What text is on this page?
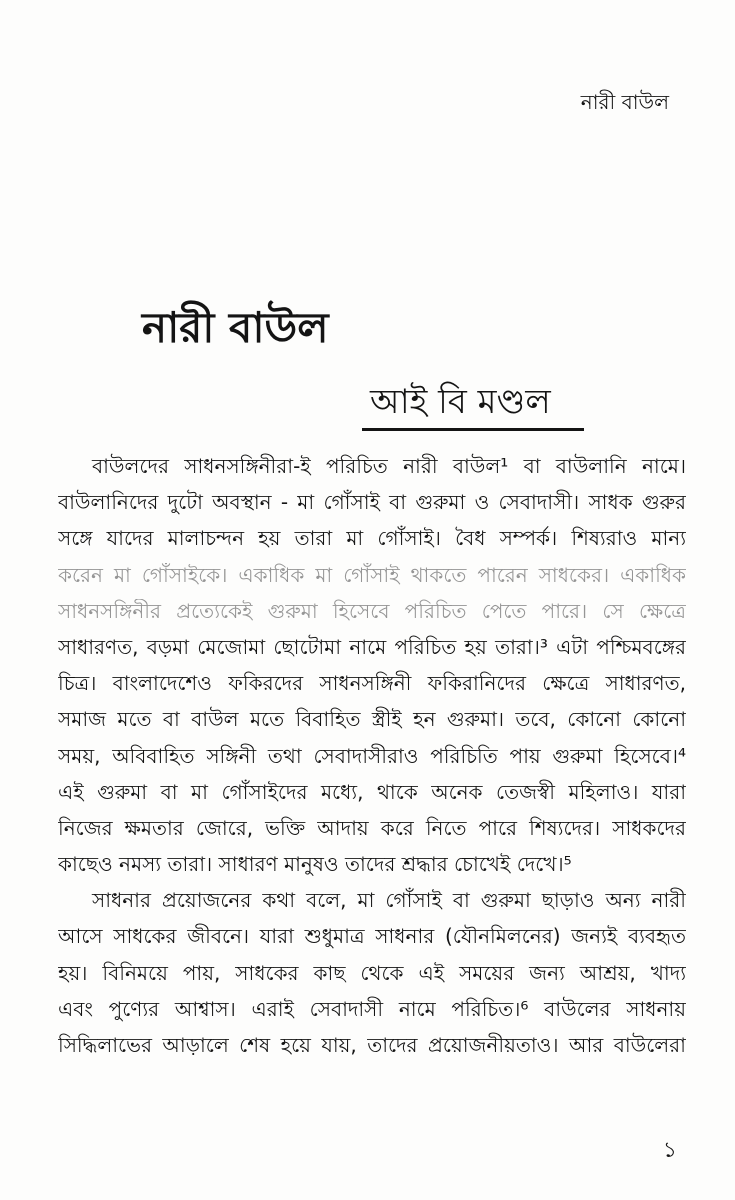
নারী বাউল
নারী বাউল
আই বি মণ্ডল
বাউলদের সাধনসঙ্গিনীরা-ই পরিচিত নারী বাউল¹ বা বাউলানি নামে।
বাউলানিদের দুটো অবস্থান - মা গোঁসাই বা গুরুমা ও সেবাদাসী। সাধক গুরুর
সঙ্গে যাদের মালাচন্দন হয় তারা মা গোঁসাই। বৈধ সম্পর্ক। শিষ্যরাও মান্য
করেন মা গোঁসাইকে। একাধিক মা গোঁসাই থাকতে পারেন সাধকের। একাধিক
সাধনসঙ্গিনীর প্রত্যেকেই গুরুমা হিসেবে পরিচিত পেতে পারে। সে ক্ষেত্রে
সাধারণত, বড়মা মেজোমা ছোটোমা নামে পরিচিত হয় তারা।³ এটা পশ্চিমবঙ্গের
চিত্র। বাংলাদেশেও ফকিরদের সাধনসঙ্গিনী ফকিরানিদের ক্ষেত্রে সাধারণত,
সমাজ মতে বা বাউল মতে বিবাহিত স্ত্রীই হন গুরুমা। তবে, কোনো কোনো
সময়, অবিবাহিত সঙ্গিনী তথা সেবাদাসীরাও পরিচিতি পায় গুরুমা হিসেবে।⁴
এই গুরুমা বা মা গোঁসাইদের মধ্যে, থাকে অনেক তেজস্বী মহিলাও। যারা
নিজের ক্ষমতার জোরে, ভক্তি আদায় করে নিতে পারে শিষ্যদের। সাধকদের
কাছেও নমস্য তারা। সাধারণ মানুষও তাদের শ্রদ্ধার চোখেই দেখে।⁵
সাধনার প্রয়োজনের কথা বলে, মা গোঁসাই বা গুরুমা ছাড়াও অন্য নারী
আসে সাধকের জীবনে। যারা শুধুমাত্র সাধনার (যৌনমিলনের) জন্যই ব্যবহৃত
হয়। বিনিময়ে পায়, সাধকের কাছ থেকে এই সময়ের জন্য আশ্রয়, খাদ্য
এবং পুণ্যের আশ্বাস। এরাই সেবাদাসী নামে পরিচিত।⁶ বাউলের সাধনায়
সিদ্ধিলাভের আড়ালে শেষ হয়ে যায়, তাদের প্রয়োজনীয়তাও। আর বাউলেরা
১
